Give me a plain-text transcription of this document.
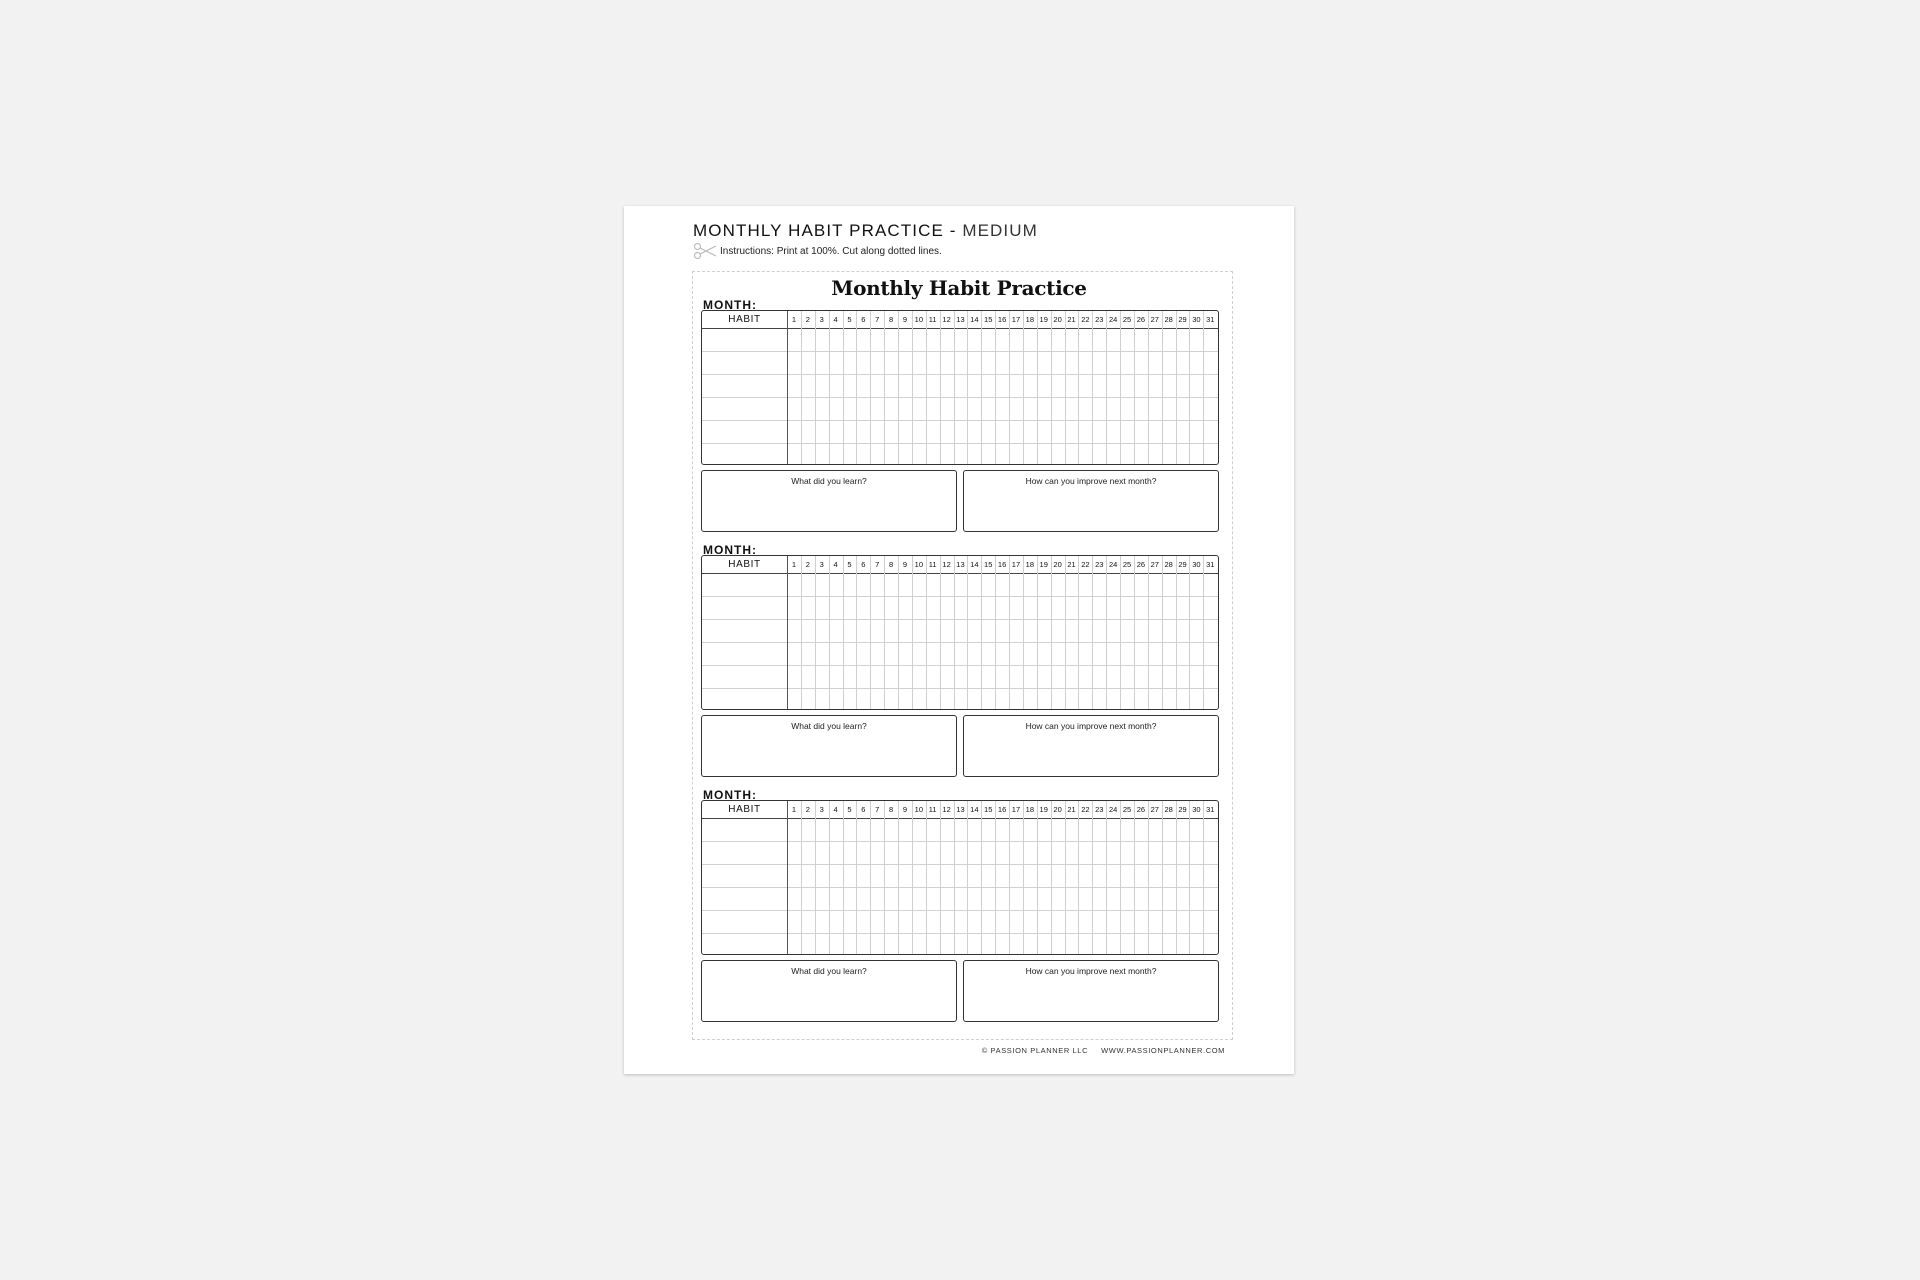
MONTHLY HABIT PRACTICE - MEDIUM
Instructions: Print at 100%. Cut along dotted lines.
Monthly Habit Practice
MONTH:
HABIT	1	2	3	4	5	6	7	8	9	10 11 12 13 14 15 16 17 18 19 20 21 22 23 24 25 26 27 28 29 30 31
What did you learn?	How can you improve next month?
MONTH:
HABIT	1	2	3	4	5	6	7	8	9	10 11 12 13 14 15 16 17 18 19 20 21 22 23 24 25 26 27 28 29 30 31
What did you learn?	How can you improve next month?
MONTH:
HABIT	1	2	3	4	5	6	7	8	9	10 11 12 13 14 15 16 17 18 19 20 21 22 23 24 25 26 27 28 29 30 31
What did you learn?	How can you improve next month?
© PASSION PLANNER LLC WWW.PASSIONPLANNER.COM
